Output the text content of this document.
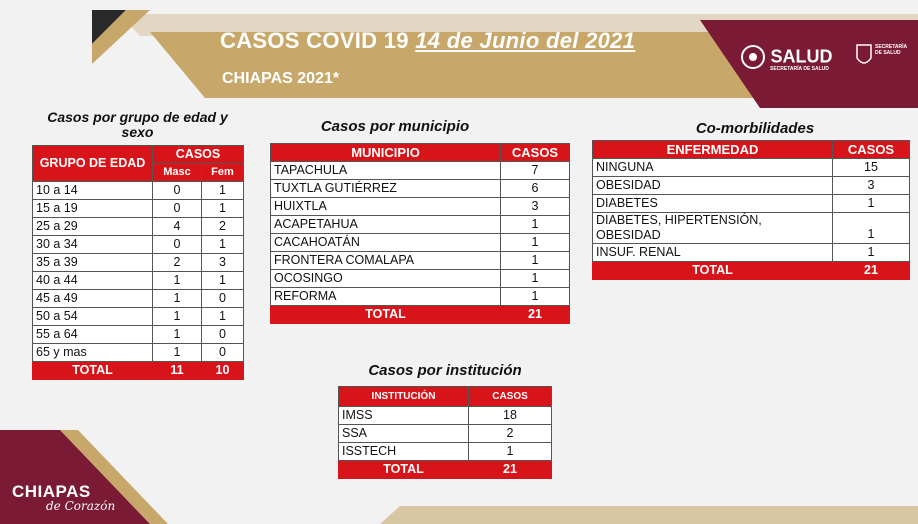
CASOS COVID 19 14 de Junio del 2021
CHIAPAS 2021*
SALUD
SECRETARÍA DE SALUD
SECRETARÍA DE SALUD
Casos por grupo de edad y sexo
GRUPO DE EDAD	CASOS	
	Masc	Fem
10 a 14	0	1
15 a 19	0	1
25 a 29	4	2
30 a 34	0	1
35 a 39	2	3
40 a 44	1	1
45 a 49	1	0
50 a 54	1	1
55 a 64	1	0
65 y mas	1	0
TOTAL	11	10
Casos por municipio
MUNICIPIO	CASOS
TAPACHULA	7
TUXTLA GUTIÉRREZ	6
HUIXTLA	3
ACAPETAHUA	1
CACAHOATÁN	1
FRONTERA COMALAPA	1
OCOSINGO	1
REFORMA	1
TOTAL	21
Co-morbilidades
ENFERMEDAD	CASOS
NINGUNA	15
OBESIDAD	3
DIABETES	1
DIABETES, HIPERTENSIÓN, OBESIDAD	1
INSUF. RENAL	1
TOTAL	21
Casos por institución
INSTITUCIÓN	CASOS
IMSS	18
SSA	2
ISSTECH	1
TOTAL	21
CHIAPAS
de Corazón
